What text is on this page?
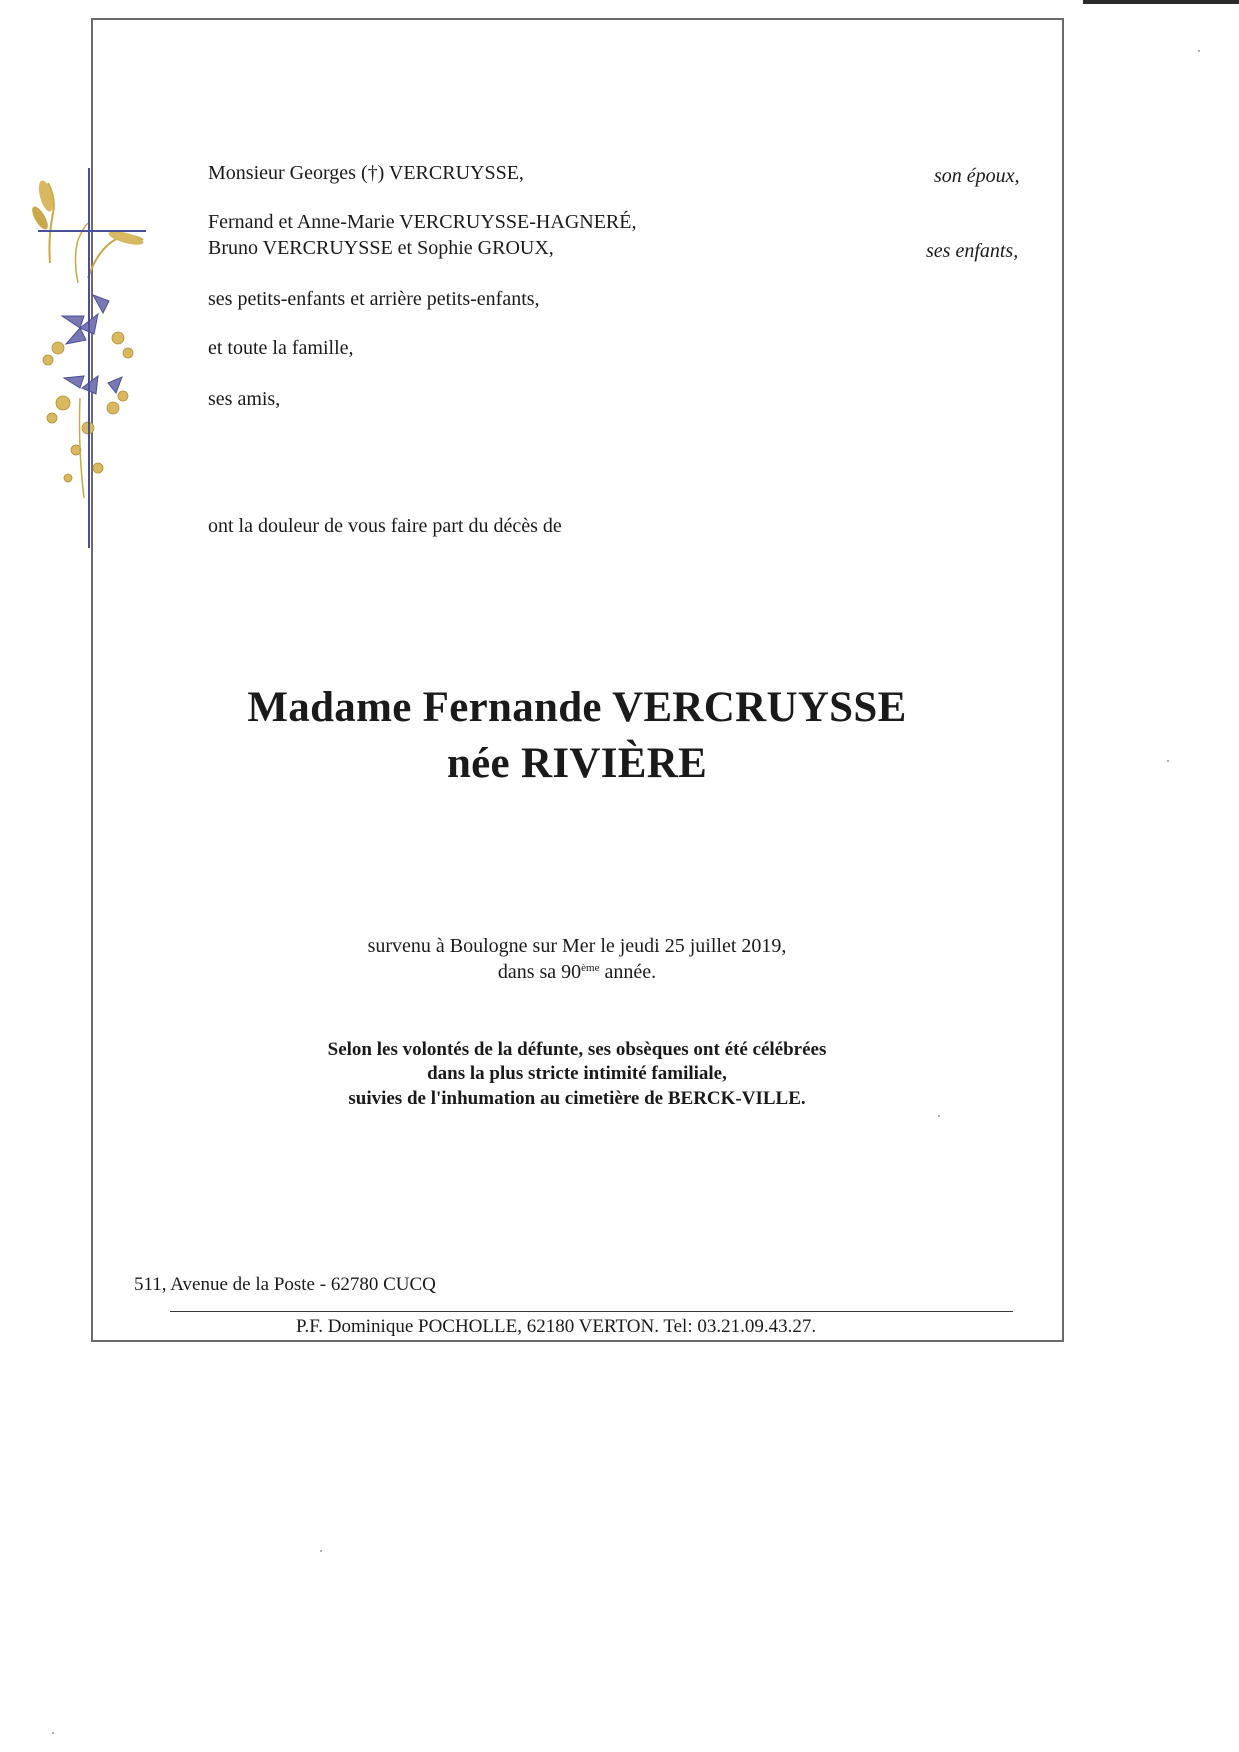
Monsieur Georges (†) VERCRUYSSE,	son époux,
Fernand et Anne-Marie VERCRUYSSE-HAGNERÉ,
Bruno VERCRUYSSE et Sophie GROUX,	ses enfants,
ses petits-enfants et arrière petits-enfants,
et toute la famille,
ses amis,
ont la douleur de vous faire part du décès de
Madame Fernande VERCRUYSSE
née RIVIÈRE
survenu à Boulogne sur Mer le jeudi 25 juillet 2019,
dans sa 90ème année.
Selon les volontés de la défunte, ses obsèques ont été célébrées
dans la plus stricte intimité familiale,
suivies de l'inhumation au cimetière de BERCK-VILLE.
511, Avenue de la Poste - 62780 CUCQ
P.F. Dominique POCHOLLE, 62180 VERTON. Tel: 03.21.09.43.27.
